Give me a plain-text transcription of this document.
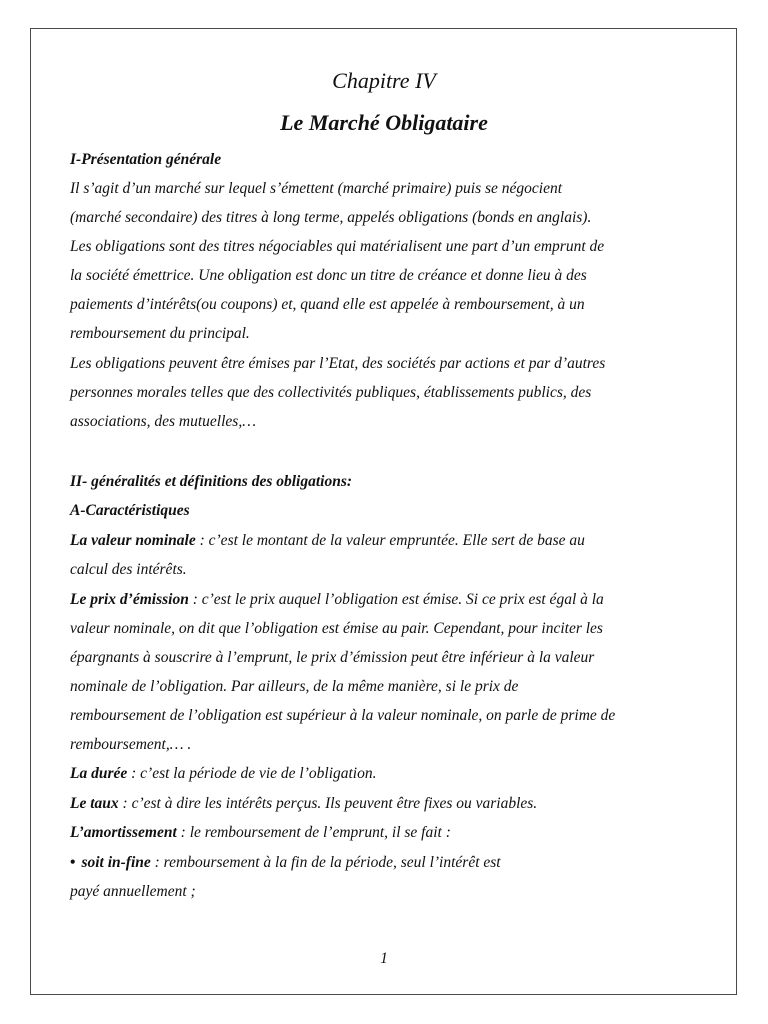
Chapitre IV
Le Marché Obligataire
I-Présentation générale
Il s’agit d’un marché sur lequel s’émettent (marché primaire) puis se négocient
(marché secondaire) des titres à long terme, appelés obligations (bonds en anglais).
Les obligations sont des titres négociables qui matérialisent une part d’un emprunt de
la société émettrice. Une obligation est donc un titre de créance et donne lieu à des
paiements d’intérêts(ou coupons) et, quand elle est appelée à remboursement, à un
remboursement du principal.
Les obligations peuvent être émises par l’Etat, des sociétés par actions et par d’autres
personnes morales telles que des collectivités publiques, établissements publics, des
associations, des mutuelles,…
II- généralités et définitions des obligations:
A-Caractéristiques
La valeur nominale : c’est le montant de la valeur empruntée. Elle sert de base au
calcul des intérêts.
Le prix d’émission : c’est le prix auquel l’obligation est émise. Si ce prix est égal à la
valeur nominale, on dit que l’obligation est émise au pair. Cependant, pour inciter les
épargnants à souscrire à l’emprunt, le prix d’émission peut être inférieur à la valeur
nominale de l’obligation. Par ailleurs, de la même manière, si le prix de
remboursement de l’obligation est supérieur à la valeur nominale, on parle de prime de
remboursement,… .
La durée : c’est la période de vie de l’obligation.
Le taux : c’est à dire les intérêts perçus. Ils peuvent être fixes ou variables.
L’amortissement : le remboursement de l’emprunt, il se fait :
• soit in-fine : remboursement à la fin de la période, seul l’intérêt est
payé annuellement ;
1
